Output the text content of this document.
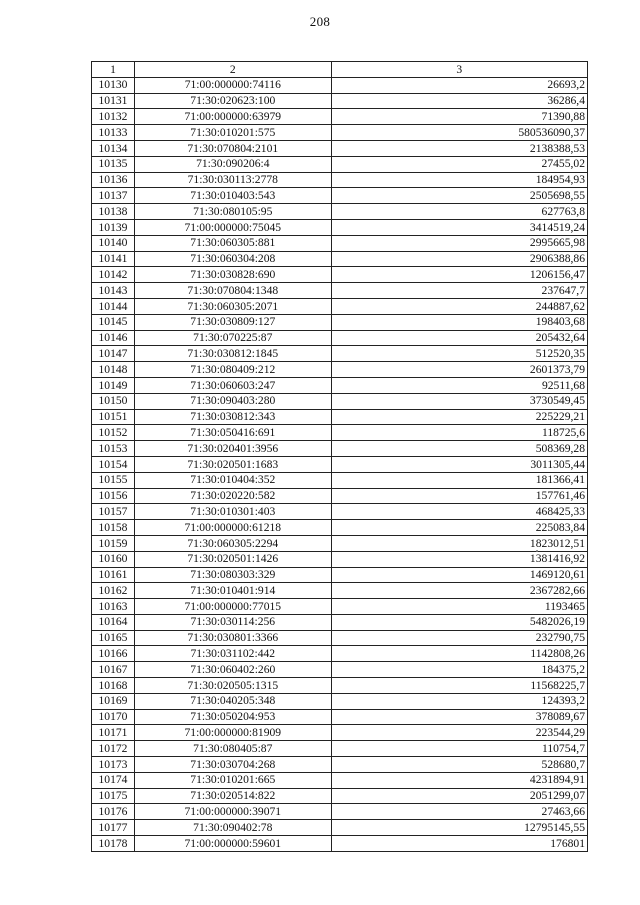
208
1	2	3
10130	71:00:000000:74116	26693,2
10131	71:30:020623:100	36286,4
10132	71:00:000000:63979	71390,88
10133	71:30:010201:575	580536090,37
10134	71:30:070804:2101	2138388,53
10135	71:30:090206:4	27455,02
10136	71:30:030113:2778	184954,93
10137	71:30:010403:543	2505698,55
10138	71:30:080105:95	627763,8
10139	71:00:000000:75045	3414519,24
10140	71:30:060305:881	2995665,98
10141	71:30:060304:208	2906388,86
10142	71:30:030828:690	1206156,47
10143	71:30:070804:1348	237647,7
10144	71:30:060305:2071	244887,62
10145	71:30:030809:127	198403,68
10146	71:30:070225:87	205432,64
10147	71:30:030812:1845	512520,35
10148	71:30:080409:212	2601373,79
10149	71:30:060603:247	92511,68
10150	71:30:090403:280	3730549,45
10151	71:30:030812:343	225229,21
10152	71:30:050416:691	118725,6
10153	71:30:020401:3956	508369,28
10154	71:30:020501:1683	3011305,44
10155	71:30:010404:352	181366,41
10156	71:30:020220:582	157761,46
10157	71:30:010301:403	468425,33
10158	71:00:000000:61218	225083,84
10159	71:30:060305:2294	1823012,51
10160	71:30:020501:1426	1381416,92
10161	71:30:080303:329	1469120,61
10162	71:30:010401:914	2367282,66
10163	71:00:000000:77015	1193465
10164	71:30:030114:256	5482026,19
10165	71:30:030801:3366	232790,75
10166	71:30:031102:442	1142808,26
10167	71:30:060402:260	184375,2
10168	71:30:020505:1315	11568225,7
10169	71:30:040205:348	124393,2
10170	71:30:050204:953	378089,67
10171	71:00:000000:81909	223544,29
10172	71:30:080405:87	110754,7
10173	71:30:030704:268	528680,7
10174	71:30:010201:665	4231894,91
10175	71:30:020514:822	2051299,07
10176	71:00:000000:39071	27463,66
10177	71:30:090402:78	12795145,55
10178	71:00:000000:59601	176801
